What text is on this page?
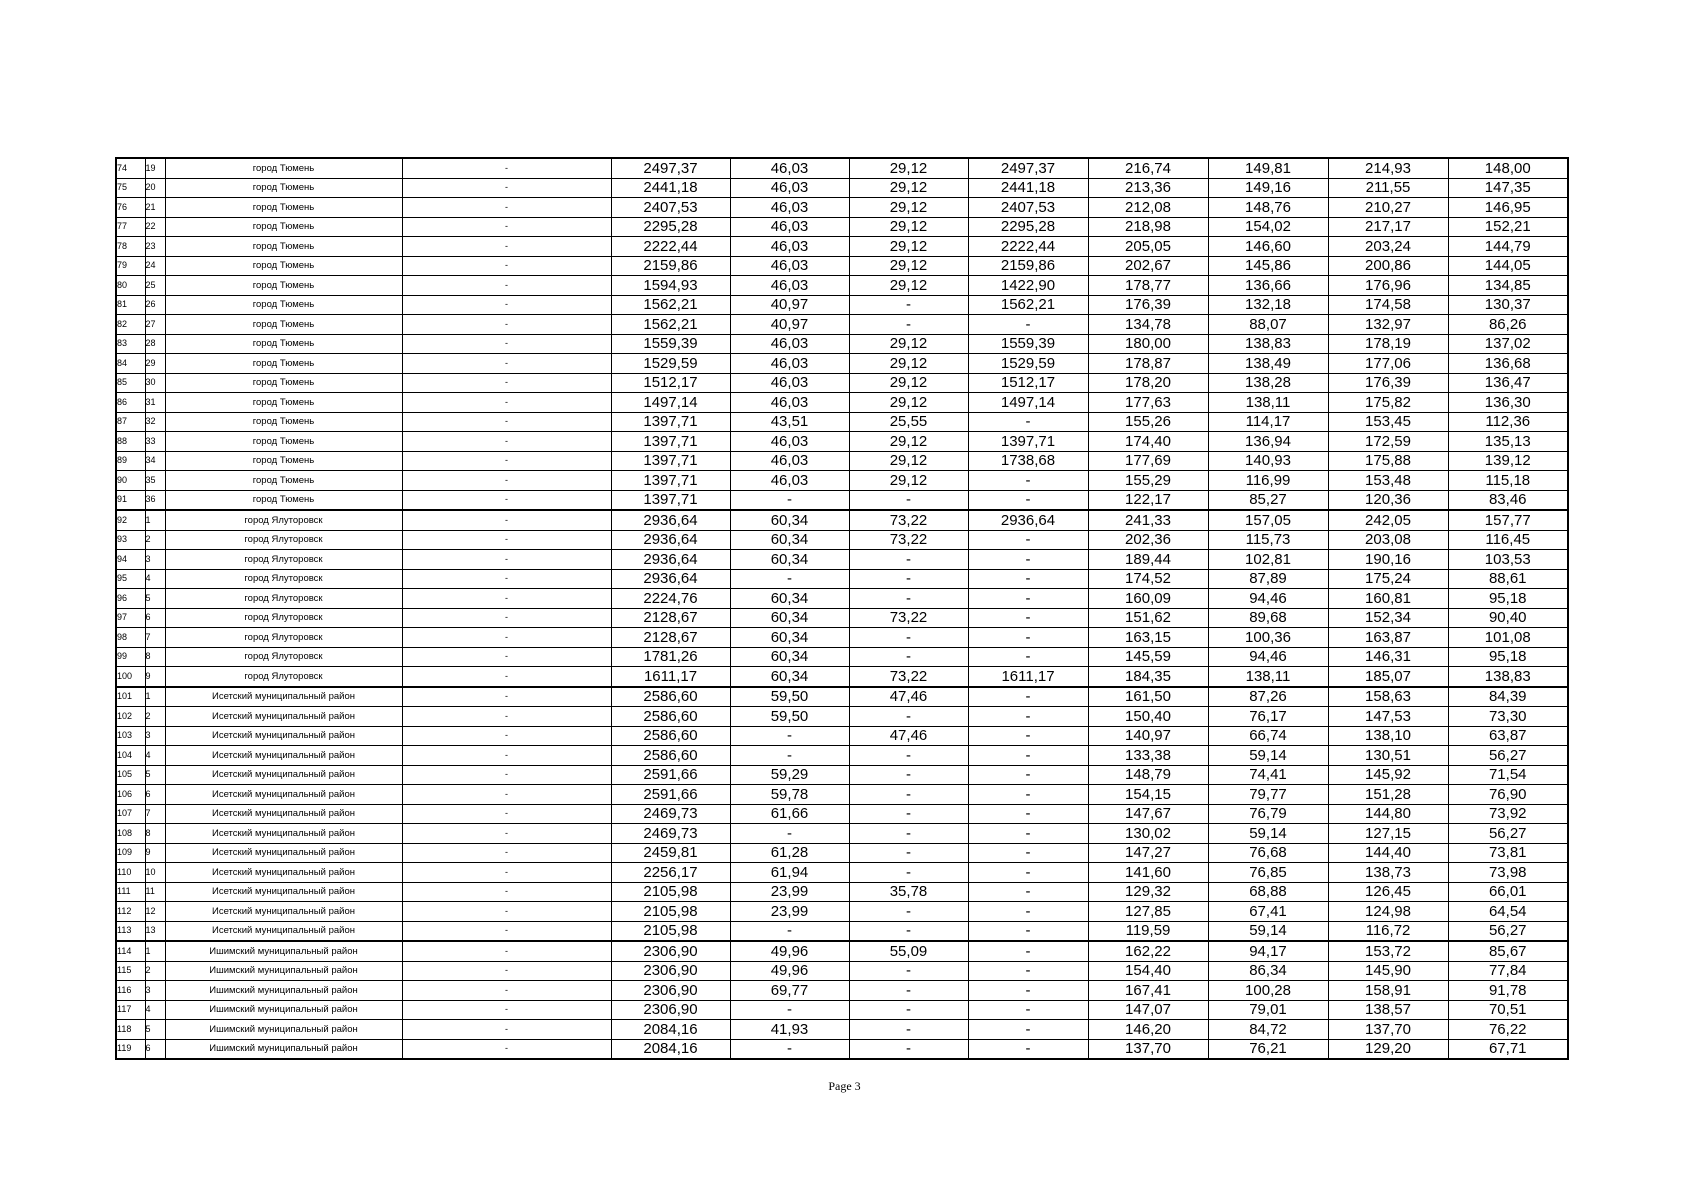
74	19	город Тюмень	-	2497,37	46,03	29,12	2497,37	216,74	149,81	214,93	148,00
75	20	город Тюмень	-	2441,18	46,03	29,12	2441,18	213,36	149,16	211,55	147,35
76	21	город Тюмень	-	2407,53	46,03	29,12	2407,53	212,08	148,76	210,27	146,95
77	22	город Тюмень	-	2295,28	46,03	29,12	2295,28	218,98	154,02	217,17	152,21
78	23	город Тюмень	-	2222,44	46,03	29,12	2222,44	205,05	146,60	203,24	144,79
79	24	город Тюмень	-	2159,86	46,03	29,12	2159,86	202,67	145,86	200,86	144,05
80	25	город Тюмень	-	1594,93	46,03	29,12	1422,90	178,77	136,66	176,96	134,85
81	26	город Тюмень	-	1562,21	40,97	-	1562,21	176,39	132,18	174,58	130,37
82	27	город Тюмень	-	1562,21	40,97	-	-	134,78	88,07	132,97	86,26
83	28	город Тюмень	-	1559,39	46,03	29,12	1559,39	180,00	138,83	178,19	137,02
84	29	город Тюмень	-	1529,59	46,03	29,12	1529,59	178,87	138,49	177,06	136,68
85	30	город Тюмень	-	1512,17	46,03	29,12	1512,17	178,20	138,28	176,39	136,47
86	31	город Тюмень	-	1497,14	46,03	29,12	1497,14	177,63	138,11	175,82	136,30
87	32	город Тюмень	-	1397,71	43,51	25,55	-	155,26	114,17	153,45	112,36
88	33	город Тюмень	-	1397,71	46,03	29,12	1397,71	174,40	136,94	172,59	135,13
89	34	город Тюмень	-	1397,71	46,03	29,12	1738,68	177,69	140,93	175,88	139,12
90	35	город Тюмень	-	1397,71	46,03	29,12	-	155,29	116,99	153,48	115,18
91	36	город Тюмень	-	1397,71	-	-	-	122,17	85,27	120,36	83,46
92	1	город Ялуторовск	-	2936,64	60,34	73,22	2936,64	241,33	157,05	242,05	157,77
93	2	город Ялуторовск	-	2936,64	60,34	73,22	-	202,36	115,73	203,08	116,45
94	3	город Ялуторовск	-	2936,64	60,34	-	-	189,44	102,81	190,16	103,53
95	4	город Ялуторовск	-	2936,64	-	-	-	174,52	87,89	175,24	88,61
96	5	город Ялуторовск	-	2224,76	60,34	-	-	160,09	94,46	160,81	95,18
97	6	город Ялуторовск	-	2128,67	60,34	73,22	-	151,62	89,68	152,34	90,40
98	7	город Ялуторовск	-	2128,67	60,34	-	-	163,15	100,36	163,87	101,08
99	8	город Ялуторовск	-	1781,26	60,34	-	-	145,59	94,46	146,31	95,18
100	9	город Ялуторовск	-	1611,17	60,34	73,22	1611,17	184,35	138,11	185,07	138,83
101	1	Исетский муниципальный район	-	2586,60	59,50	47,46	-	161,50	87,26	158,63	84,39
102	2	Исетский муниципальный район	-	2586,60	59,50	-	-	150,40	76,17	147,53	73,30
103	3	Исетский муниципальный район	-	2586,60	-	47,46	-	140,97	66,74	138,10	63,87
104	4	Исетский муниципальный район	-	2586,60	-	-	-	133,38	59,14	130,51	56,27
105	5	Исетский муниципальный район	-	2591,66	59,29	-	-	148,79	74,41	145,92	71,54
106	6	Исетский муниципальный район	-	2591,66	59,78	-	-	154,15	79,77	151,28	76,90
107	7	Исетский муниципальный район	-	2469,73	61,66	-	-	147,67	76,79	144,80	73,92
108	8	Исетский муниципальный район	-	2469,73	-	-	-	130,02	59,14	127,15	56,27
109	9	Исетский муниципальный район	-	2459,81	61,28	-	-	147,27	76,68	144,40	73,81
110	10	Исетский муниципальный район	-	2256,17	61,94	-	-	141,60	76,85	138,73	73,98
111	11	Исетский муниципальный район	-	2105,98	23,99	35,78	-	129,32	68,88	126,45	66,01
112	12	Исетский муниципальный район	-	2105,98	23,99	-	-	127,85	67,41	124,98	64,54
113	13	Исетский муниципальный район	-	2105,98	-	-	-	119,59	59,14	116,72	56,27
114	1	Ишимский муниципальный район	-	2306,90	49,96	55,09	-	162,22	94,17	153,72	85,67
115	2	Ишимский муниципальный район	-	2306,90	49,96	-	-	154,40	86,34	145,90	77,84
116	3	Ишимский муниципальный район	-	2306,90	69,77	-	-	167,41	100,28	158,91	91,78
117	4	Ишимский муниципальный район	-	2306,90	-	-	-	147,07	79,01	138,57	70,51
118	5	Ишимский муниципальный район	-	2084,16	41,93	-	-	146,20	84,72	137,70	76,22
119	6	Ишимский муниципальный район	-	2084,16	-	-	-	137,70	76,21	129,20	67,71
Page 3
